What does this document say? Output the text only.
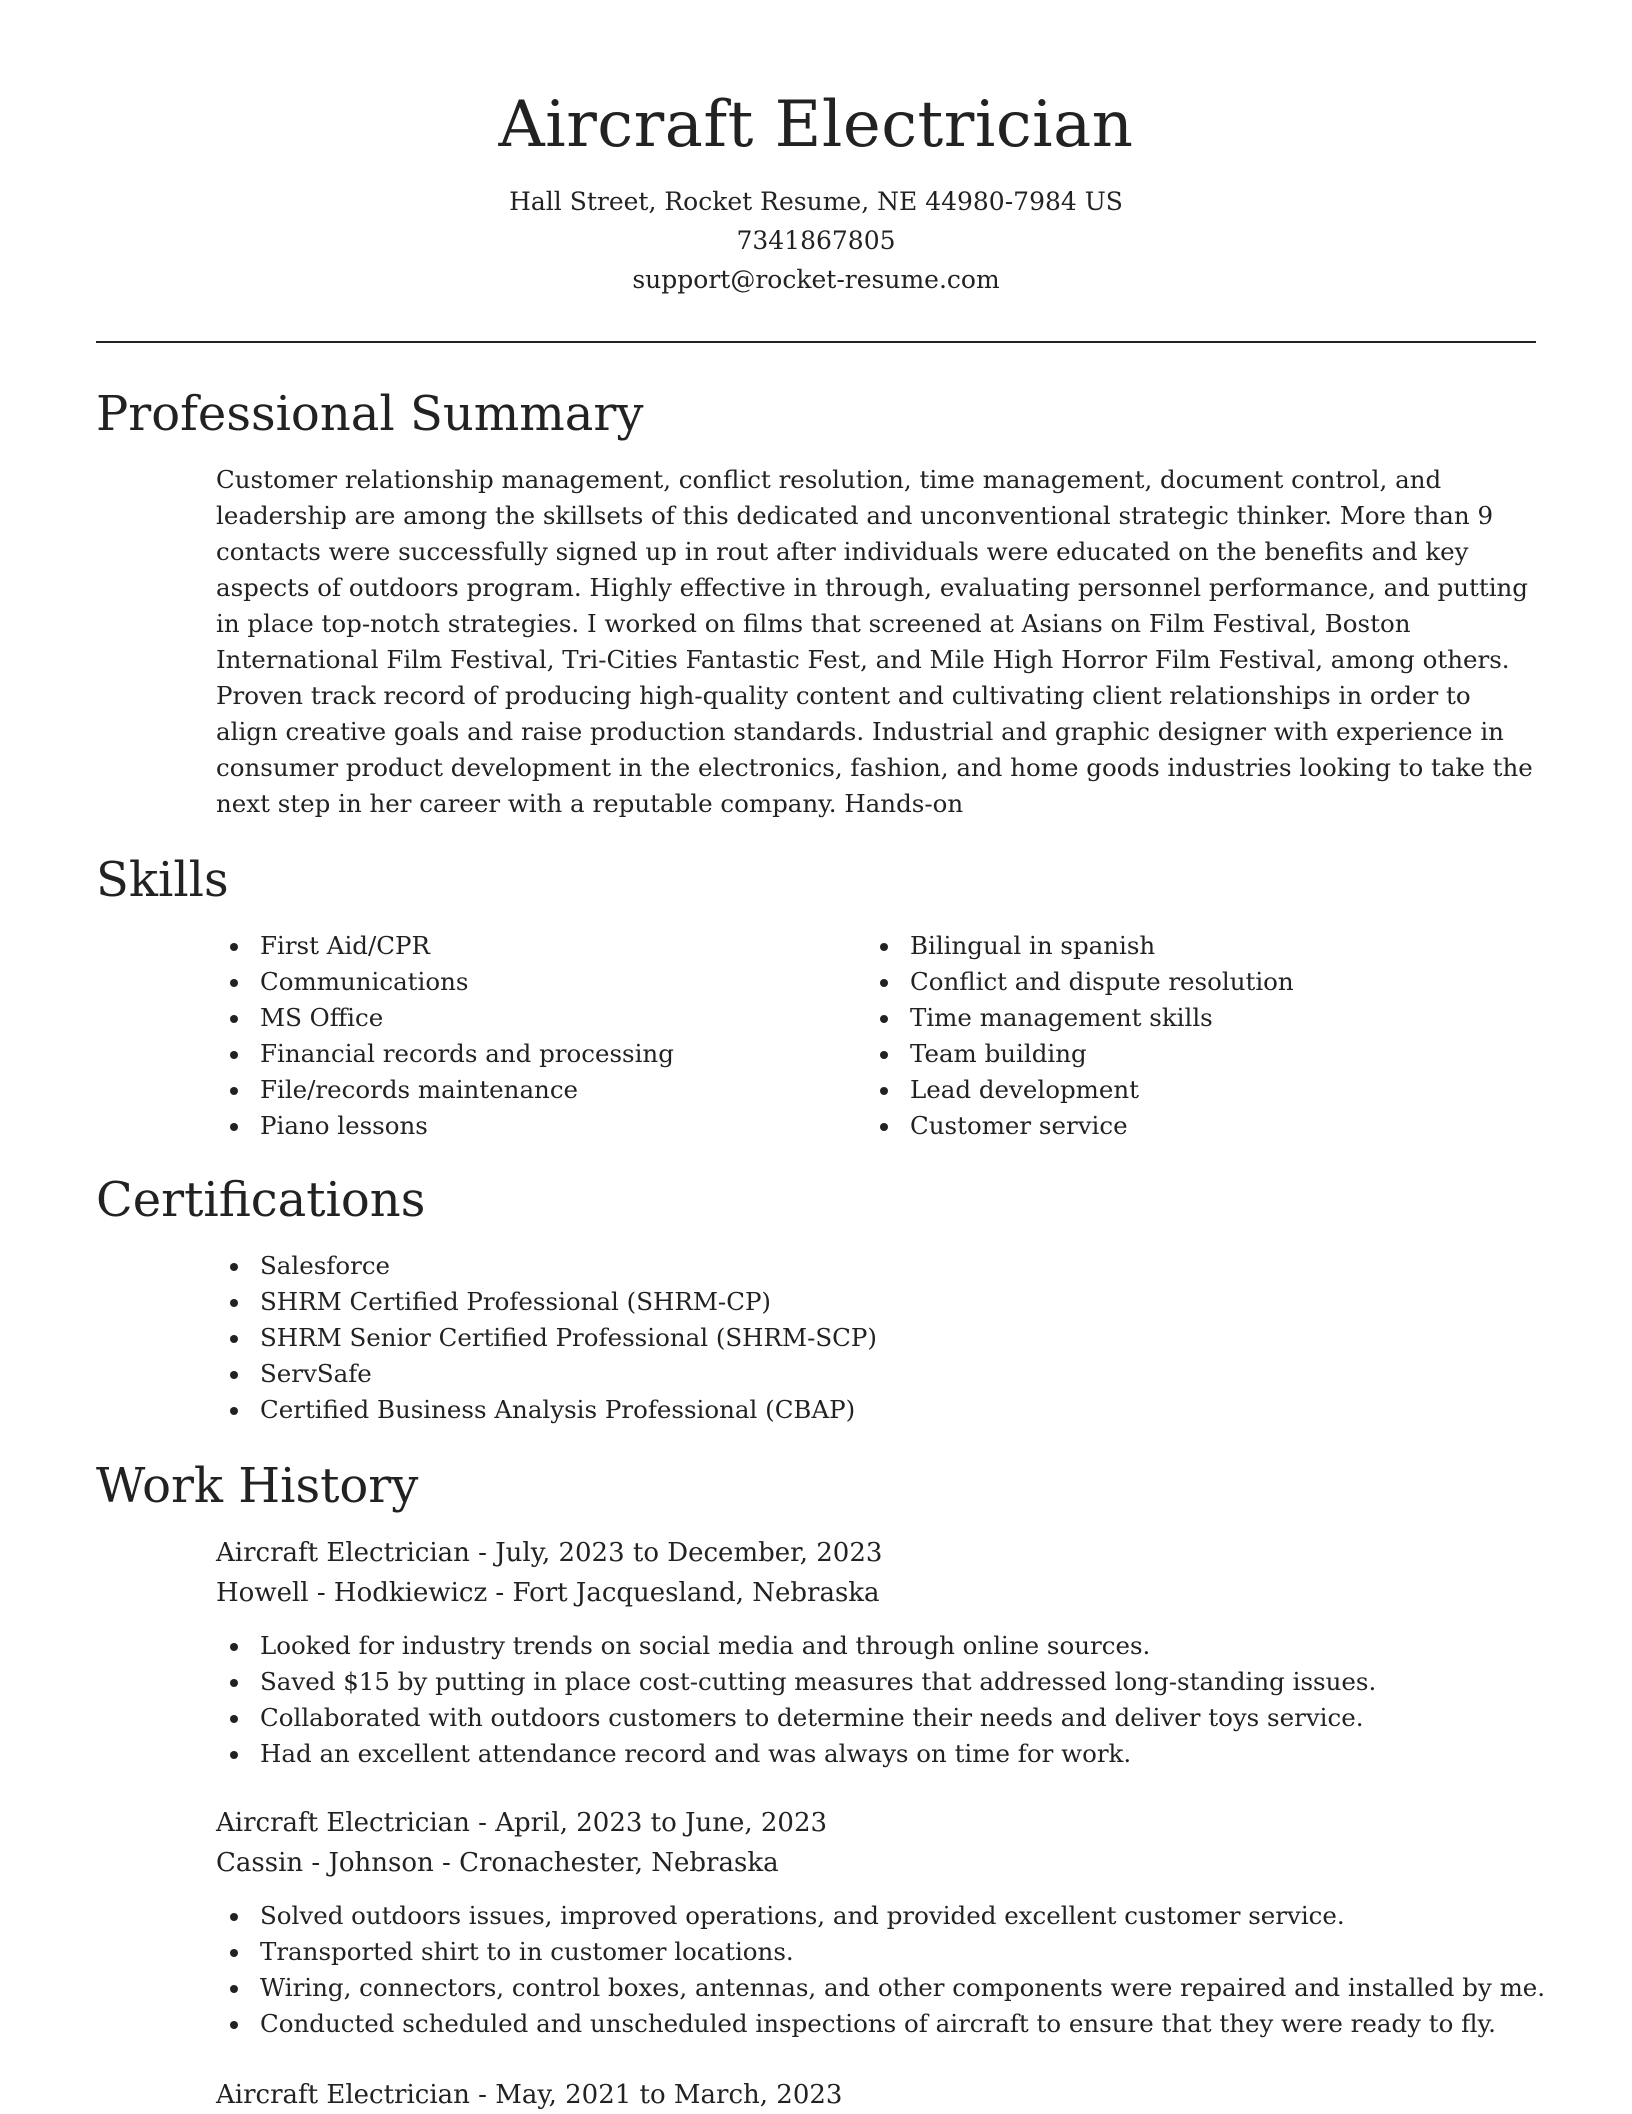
Aircraft Electrician
Hall Street, Rocket Resume, NE 44980-7984 US
7341867805
support@rocket-resume.com
Professional Summary

Customer relationship management, conflict resolution, time management, document control, and leadership are among the skillsets of this dedicated and unconventional strategic thinker. More than 9 contacts were successfully signed up in rout after individuals were educated on the benefits and key aspects of outdoors program. Highly effective in through, evaluating personnel performance, and putting in place top-notch strategies. I worked on films that screened at Asians on Film Festival, Boston International Film Festival, Tri-Cities Fantastic Fest, and Mile High Horror Film Festival, among others. Proven track record of producing high-quality content and cultivating client relationships in order to align creative goals and raise production standards. Industrial and graphic designer with experience in consumer product development in the electronics, fashion, and home goods industries looking to take the next step in her career with a reputable company. Hands-on

Skills
First Aid/CPR
Communications
MS Office
Financial records and processing
File/records maintenance
Piano lessons
Bilingual in spanish
Conflict and dispute resolution
Time management skills
Team building
Lead development
Customer service
Certifications
Salesforce
SHRM Certified Professional (SHRM-CP)
SHRM Senior Certified Professional (SHRM-SCP)
ServSafe
Certified Business Analysis Professional (CBAP)
Work History
Aircraft Electrician - July, 2023 to December, 2023
Howell - Hodkiewicz - Fort Jacquesland, Nebraska
Looked for industry trends on social media and through online sources.
Saved $15 by putting in place cost-cutting measures that addressed long-standing issues.
Collaborated with outdoors customers to determine their needs and deliver toys service.
Had an excellent attendance record and was always on time for work.
Aircraft Electrician - April, 2023 to June, 2023
Cassin - Johnson - Cronachester, Nebraska
Solved outdoors issues, improved operations, and provided excellent customer service.
Transported shirt to in customer locations.
Wiring, connectors, control boxes, antennas, and other components were repaired and installed by me.
Conducted scheduled and unscheduled inspections of aircraft to ensure that they were ready to fly.
Aircraft Electrician - May, 2021 to March, 2023
